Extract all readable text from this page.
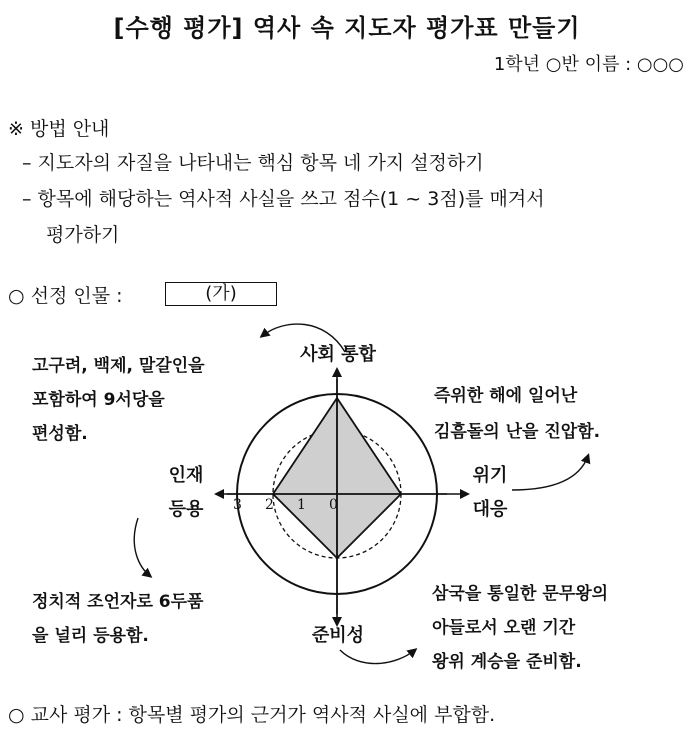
[수행 평가] 역사 속 지도자 평가표 만들기
1학년 ○반 이름 : ○○○
※ 방법 안내
– 지도자의 자질을 나타내는 핵심 항목 네 가지 설정하기
– 항목에 해당하는 역사적 사실을 쓰고 점수(1 ~ 3점)를 매겨서
평가하기
○ 선정 인물 :	(가)
3 2 1 0
사회 통합
위기
대응
준비성
인재
등용
고구려, 백제, 말갈인을
포함하여 9서당을
편성함.
즉위한 해에 일어난
김흠돌의 난을 진압함.
정치적 조언자로 6두품
을 널리 등용함.
삼국을 통일한 문무왕의
아들로서 오랜 기간
왕위 계승을 준비함.
○ 교사 평가 : 항목별 평가의 근거가 역사적 사실에 부합함.
